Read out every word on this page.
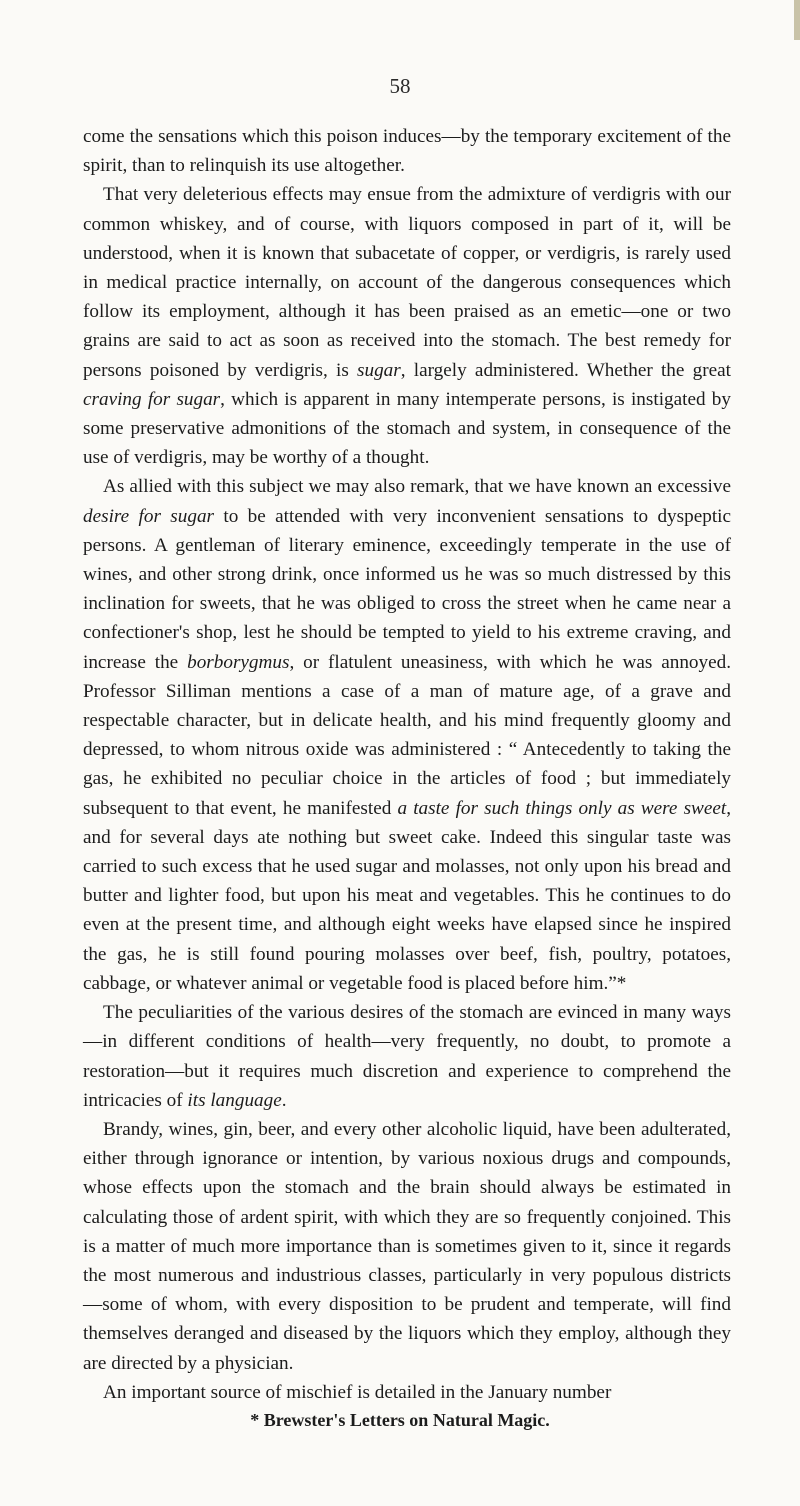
58

come the sensations which this poison induces—by the temporary excitement of the spirit, than to relinquish its use altogether.

That very deleterious effects may ensue from the admixture of verdigris with our common whiskey, and of course, with liquors composed in part of it, will be understood, when it is known that subacetate of copper, or verdigris, is rarely used in medical practice internally, on account of the dangerous consequences which follow its employment, although it has been praised as an emetic—one or two grains are said to act as soon as received into the stomach. The best remedy for persons poisoned by verdigris, is sugar, largely administered. Whether the great craving for sugar, which is apparent in many intemperate persons, is instigated by some preservative admonitions of the stomach and system, in consequence of the use of verdigris, may be worthy of a thought.

As allied with this subject we may also remark, that we have known an excessive desire for sugar to be attended with very inconvenient sensations to dyspeptic persons. A gentleman of literary eminence, exceedingly temperate in the use of wines, and other strong drink, once informed us he was so much distressed by this inclination for sweets, that he was obliged to cross the street when he came near a confectioner's shop, lest he should be tempted to yield to his extreme craving, and increase the borborygmus, or flatulent uneasiness, with which he was annoyed. Professor Silliman mentions a case of a man of mature age, of a grave and respectable character, but in delicate health, and his mind frequently gloomy and depressed, to whom nitrous oxide was administered : “ Antecedently to taking the gas, he exhibited no peculiar choice in the articles of food ; but immediately subsequent to that event, he manifested a taste for such things only as were sweet, and for several days ate nothing but sweet cake. Indeed this singular taste was carried to such excess that he used sugar and molasses, not only upon his bread and butter and lighter food, but upon his meat and vegetables. This he continues to do even at the present time, and although eight weeks have elapsed since he inspired the gas, he is still found pouring molasses over beef, fish, poultry, potatoes, cabbage, or whatever animal or vegetable food is placed before him.”*

The peculiarities of the various desires of the stomach are evinced in many ways—in different conditions of health—very frequently, no doubt, to promote a restoration—but it requires much discretion and experience to comprehend the intricacies of its language.

Brandy, wines, gin, beer, and every other alcoholic liquid, have been adulterated, either through ignorance or intention, by various noxious drugs and compounds, whose effects upon the stomach and the brain should always be estimated in calculating those of ardent spirit, with which they are so frequently conjoined. This is a matter of much more importance than is sometimes given to it, since it regards the most numerous and industrious classes, particularly in very populous districts —some of whom, with every disposition to be prudent and temperate, will find themselves deranged and diseased by the liquors which they employ, although they are directed by a physician.

An important source of mischief is detailed in the January number

* Brewster's Letters on Natural Magic.
